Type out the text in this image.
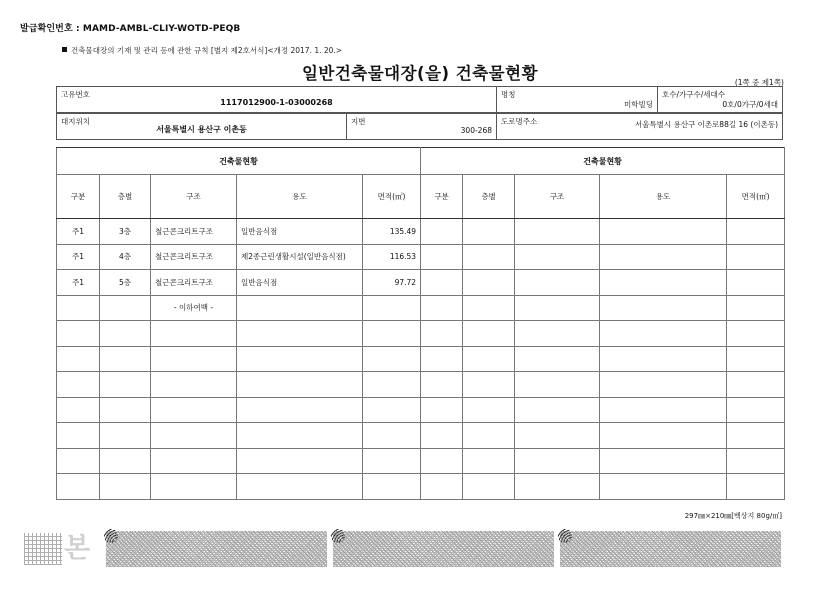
발급확인번호 : MAMD-AMBL-CLIY-WOTD-PEQB
건축물대장의 기재 및 관리 등에 관한 규칙 [별지 제2호서식]<개정 2017. 1. 20.>
일반건축물대장(을) 건축물현황	(1쪽 중 제1쪽)
고유번호
1117012900-1-03000268

명칭
미학빌딩

호수/가구수/세대수
0호/0가구/0세대
대지위치
서울특별시 용산구 이촌동

지번
300-268

도로명주소	서울특별시 용산구 이촌로88길 16 (이촌동)
건축물현황					건축물현황				
구분	층별	구조	용도	면적(㎡)	구분	층별	구조	용도	면적(㎡)
주1	3층	철근콘크리트구조	일반음식점	135.49					
주1	4층	철근콘크리트구조	제2종근린생활시설(일반음식점)	116.53					
주1	5층	철근콘크리트구조	일반음식점	97.72					
		- 이하여백 -							

297㎜×210㎜[백상지 80g/㎡]
본
